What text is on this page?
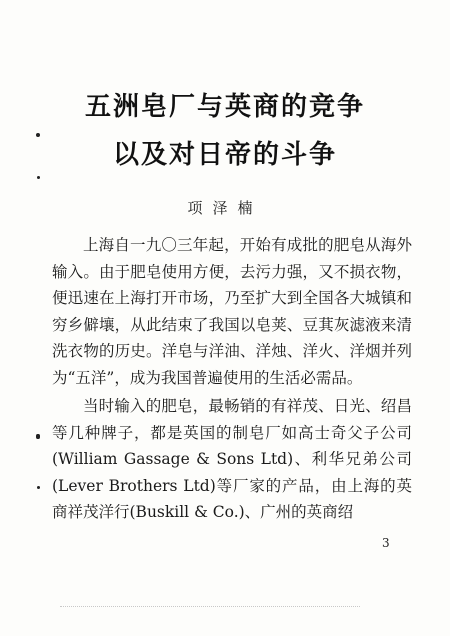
五洲皂厂与英商的竞争
以及对日帝的斗争
项泽楠

上海自一九〇三年起，开始有成批的肥皂从海外输入。由于肥皂使用方便，去污力强，又不损衣物，便迅速在上海打开市场，乃至扩大到全国各大城镇和穷乡僻壤，从此结束了我国以皂荚、豆萁灰滤液来清洗衣物的历史。洋皂与洋油、洋烛、洋火、洋烟并列为“五洋”，成为我国普遍使用的生活必需品。

当时输入的肥皂，最畅销的有祥茂、日光、绍昌等几种牌子，都是英国的制皂厂如高士奇父子公司(William Gassage & Sons Ltd)、利华兄弟公司(Lever Brothers Ltd)等厂家的产品，由上海的英商祥茂洋行(Buskill & Co.)、广州的英商绍

3
